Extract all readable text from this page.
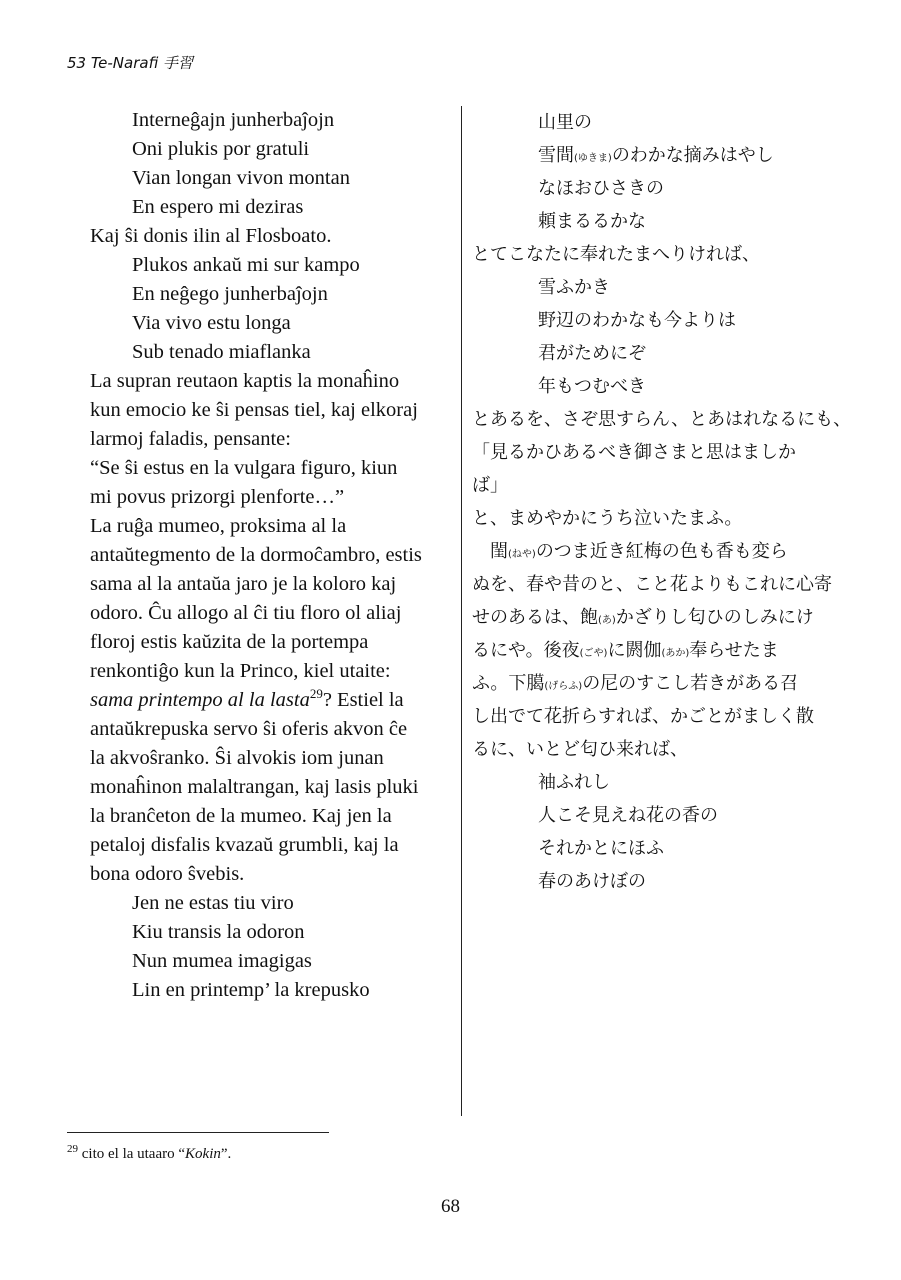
53 Te-Narafi 手習
Interneĝajn junherbaĵojn
Oni plukis por gratuli
Vian longan vivon montan
En espero mi deziras
Kaj ŝi donis ilin al Flosboato.
Plukos ankaŭ mi sur kampo
En neĝego junherbaĵojn
Via vivo estu longa
Sub tenado miaflanka
La supran reutaon kaptis la monaĥino
kun emocio ke ŝi pensas tiel, kaj elkoraj
larmoj faladis, pensante:
“Se ŝi estus en la vulgara figuro, kiun
mi povus prizorgi plenforte…”
La ruĝa mumeo, proksima al la
antaŭtegmento de la dormoĉambro, estis
sama al la antaŭa jaro je la koloro kaj
odoro. Ĉu allogo al ĉi tiu floro ol aliaj
floroj estis kaŭzita de la portempa
renkontiĝo kun la Princo, kiel utaite:
sama printempo al la lasta$^{29}$? Estiel la
antaŭkrepuska servo ŝi oferis akvon ĉe
la akvoŝranko. Ŝi alvokis iom junan
monaĥinon malaltrangan, kaj lasis pluki
la branĉeton de la mumeo. Kaj jen la
petaloj disfalis kvazaŭ grumbli, kaj la
bona odoro ŝvebis.
Jen ne estas tiu viro
Kiu transis la odoron
Nun mumea imagigas
Lin en printemp’ la krepusko
山里の
雪間(ゆきま)のわかな摘みはやし
なほおひさきの
頼まるるかな
とてこなたに奉れたまへりければ、
雪ふかき
野辺のわかなも今よりは
君がためにぞ
年もつむべき
とあるを、さぞ思すらん、とあはれなるにも、
「見るかひあるべき御さまと思はましか
ば」
と、まめやかにうち泣いたまふ。
閨(ねや)のつま近き紅梅の色も香も変ら
ぬを、春や昔のと、こと花よりもこれに心寄
せのあるは、飽(あ)かざりし匂ひのしみにけ
るにや。後夜(ごや)に閼伽(あか)奉らせたま
ふ。下臈(げらふ)の尼のすこし若きがある召
し出でて花折らすれば、かごとがましく散
るに、いとど匂ひ来れば、
袖ふれし
人こそ見えね花の香の
それかとにほふ
春のあけぼの
$^{29}$ cito el la utaaro “Kokin”.
68
